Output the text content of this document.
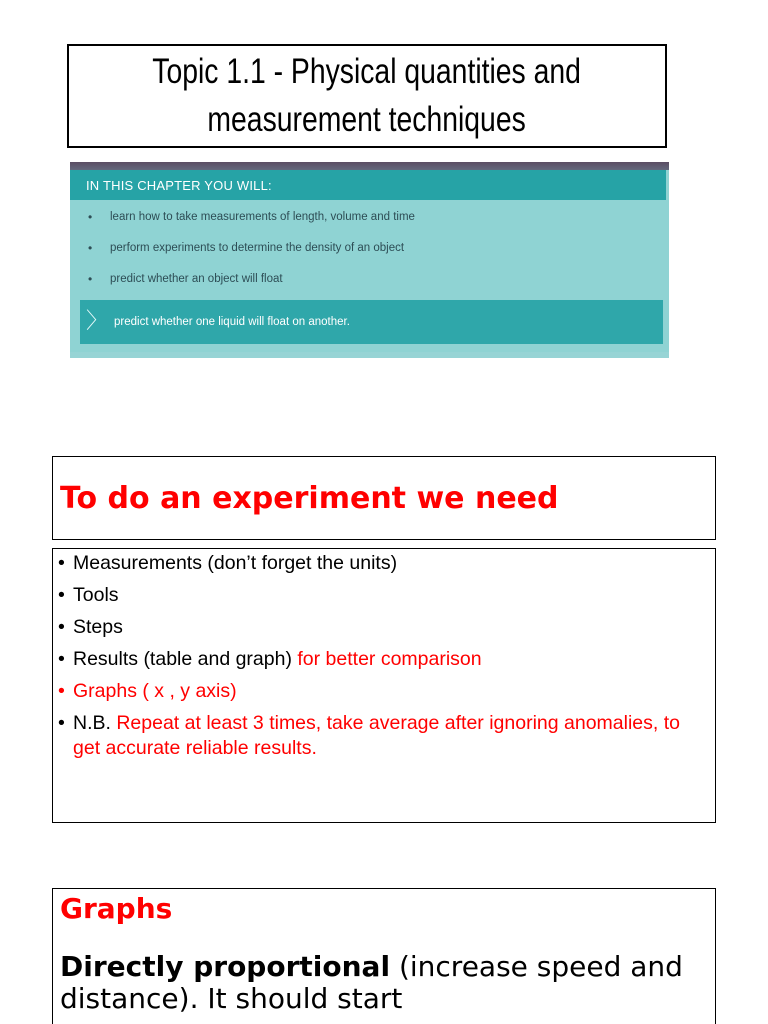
Topic 1.1 - Physical quantities and
measurement techniques
IN THIS CHAPTER YOU WILL:
•	learn how to take measurements of length, volume and time
•	perform experiments to determine the density of an object
•	predict whether an object will float
〉 predict whether one liquid will float on another.
To do an experiment we need
• Measurements (don’t forget the units)
• Tools
• Steps
• Results (table and graph) for better comparison
• Graphs ( x , y axis)
• N.B. Repeat at least 3 times, take average after ignoring anomalies, to get accurate reliable results.
Graphs
Directly proportional (increase speed and distance). It should start
